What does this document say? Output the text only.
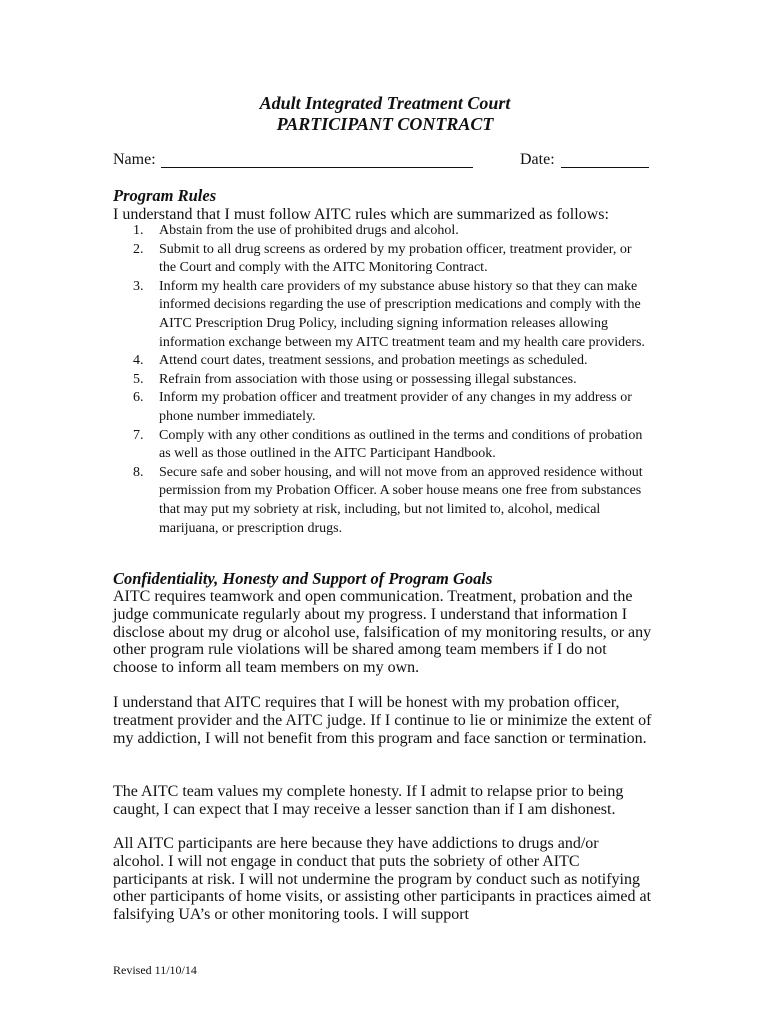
Adult Integrated Treatment Court
PARTICIPANT CONTRACT
Name:	Date:
Program Rules
I understand that I must follow AITC rules which are summarized as follows:
1.	Abstain from the use of prohibited drugs and alcohol.
2.	Submit to all drug screens as ordered by my probation officer, treatment provider, or the Court and comply with the AITC Monitoring Contract.
3.	Inform my health care providers of my substance abuse history so that they can make informed decisions regarding the use of prescription medications and comply with the AITC Prescription Drug Policy, including signing information releases allowing information exchange between my AITC treatment team and my health care providers.
4.	Attend court dates, treatment sessions, and probation meetings as scheduled.
5.	Refrain from association with those using or possessing illegal substances.
6.	Inform my probation officer and treatment provider of any changes in my address or phone number immediately.
7.	Comply with any other conditions as outlined in the terms and conditions of probation as well as those outlined in the AITC Participant Handbook.
8.	Secure safe and sober housing, and will not move from an approved residence without permission from my Probation Officer. A sober house means one free from substances that may put my sobriety at risk, including, but not limited to, alcohol, medical marijuana, or prescription drugs.
Confidentiality, Honesty and Support of Program Goals

AITC requires teamwork and open communication. Treatment, probation and the judge communicate regularly about my progress. I understand that information I disclose about my drug or alcohol use, falsification of my monitoring results, or any other program rule violations will be shared among team members if I do not choose to inform all team members on my own.

I understand that AITC requires that I will be honest with my probation officer, treatment provider and the AITC judge. If I continue to lie or minimize the extent of my addiction, I will not benefit from this program and face sanction or termination.

The AITC team values my complete honesty. If I admit to relapse prior to being caught, I can expect that I may receive a lesser sanction than if I am dishonest.

All AITC participants are here because they have addictions to drugs and/or alcohol. I will not engage in conduct that puts the sobriety of other AITC participants at risk. I will not undermine the program by conduct such as notifying other participants of home visits, or assisting other participants in practices aimed at falsifying UA’s or other monitoring tools. I will support

Revised 11/10/14
